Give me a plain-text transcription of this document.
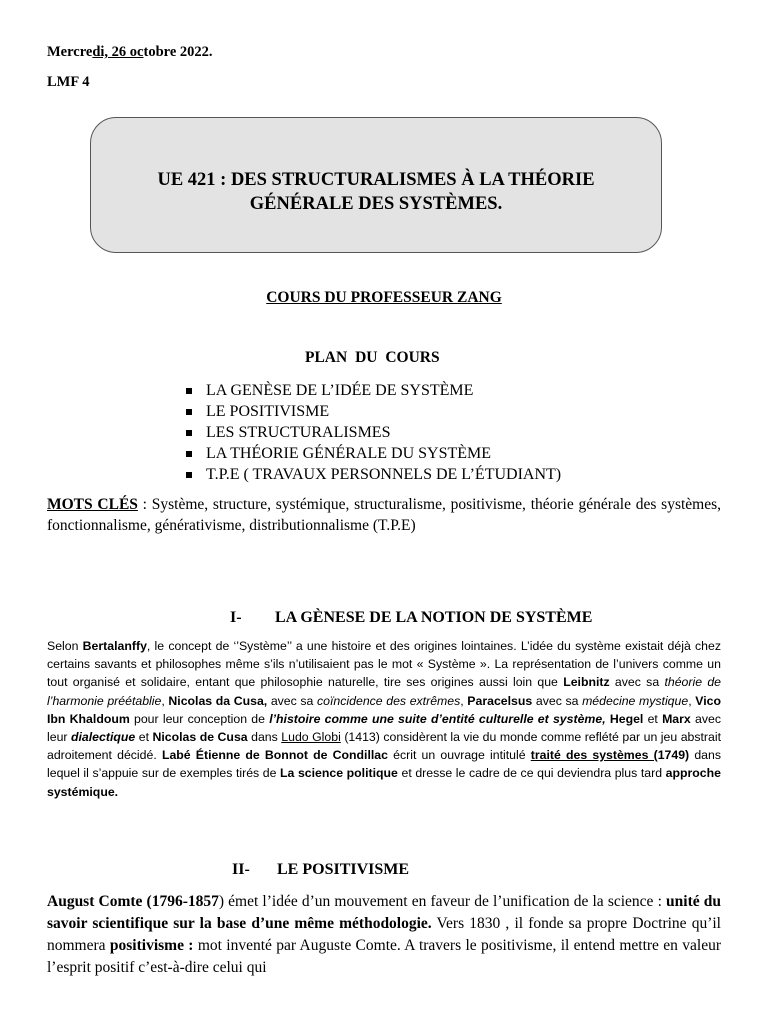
Mercredi, 26 octobre 2022.
LMF 4
UE 421 : DES STRUCTURALISMES À LA THÉORIE
GÉNÉRALE DES SYSTÈMES.
COURS DU PROFESSEUR ZANG
PLAN DU COURS
LA GENÈSE DE L’IDÉE DE SYSTÈME
LE POSITIVISME
LES STRUCTURALISMES
LA THÉORIE GÉNÉRALE DU SYSTÈME
T.P.E ( TRAVAUX PERSONNELS DE L’ÉTUDIANT)
MOTS CLÉS : Système, structure, systémique, structuralisme, positivisme, théorie générale des systèmes, fonctionnalisme, générativisme, distributionnalisme (T.P.E)
I- LA GÈNESE DE LA NOTION DE SYSTÈME
Selon Bertalanffy, le concept de ‘’Système’’ a une histoire et des origines lointaines. L’idée du système existait déjà chez certains savants et philosophes même s’ils n’utilisaient pas le mot « Système ». La représentation de l’univers comme un tout organisé et solidaire, entant que philosophie naturelle, tire ses origines aussi loin que Leibnitz avec sa théorie de l’harmonie préétablie, Nicolas da Cusa, avec sa coïncidence des extrêmes, Paracelsus avec sa médecine mystique, Vico Ibn Khaldoum pour leur conception de l’histoire comme une suite d’entité culturelle et système, Hegel et Marx avec leur dialectique et Nicolas de Cusa dans Ludo Globi (1413) considèrent la vie du monde comme reflété par un jeu abstrait adroitement décidé. Labé Étienne de Bonnot de Condillac écrit un ouvrage intitulé traité des systèmes (1749) dans lequel il s’appuie sur de exemples tirés de La science politique et dresse le cadre de ce qui deviendra plus tard approche systémique.
II- LE POSITIVISME
August Comte (1796-1857) émet l’idée d’un mouvement en faveur de l’unification de la science : unité du savoir scientifique sur la base d’une même méthodologie. Vers 1830 , il fonde sa propre Doctrine qu’il nommera positivisme : mot inventé par Auguste Comte. A travers le positivisme, il entend mettre en valeur l’esprit positif c’est-à-dire celui qui
